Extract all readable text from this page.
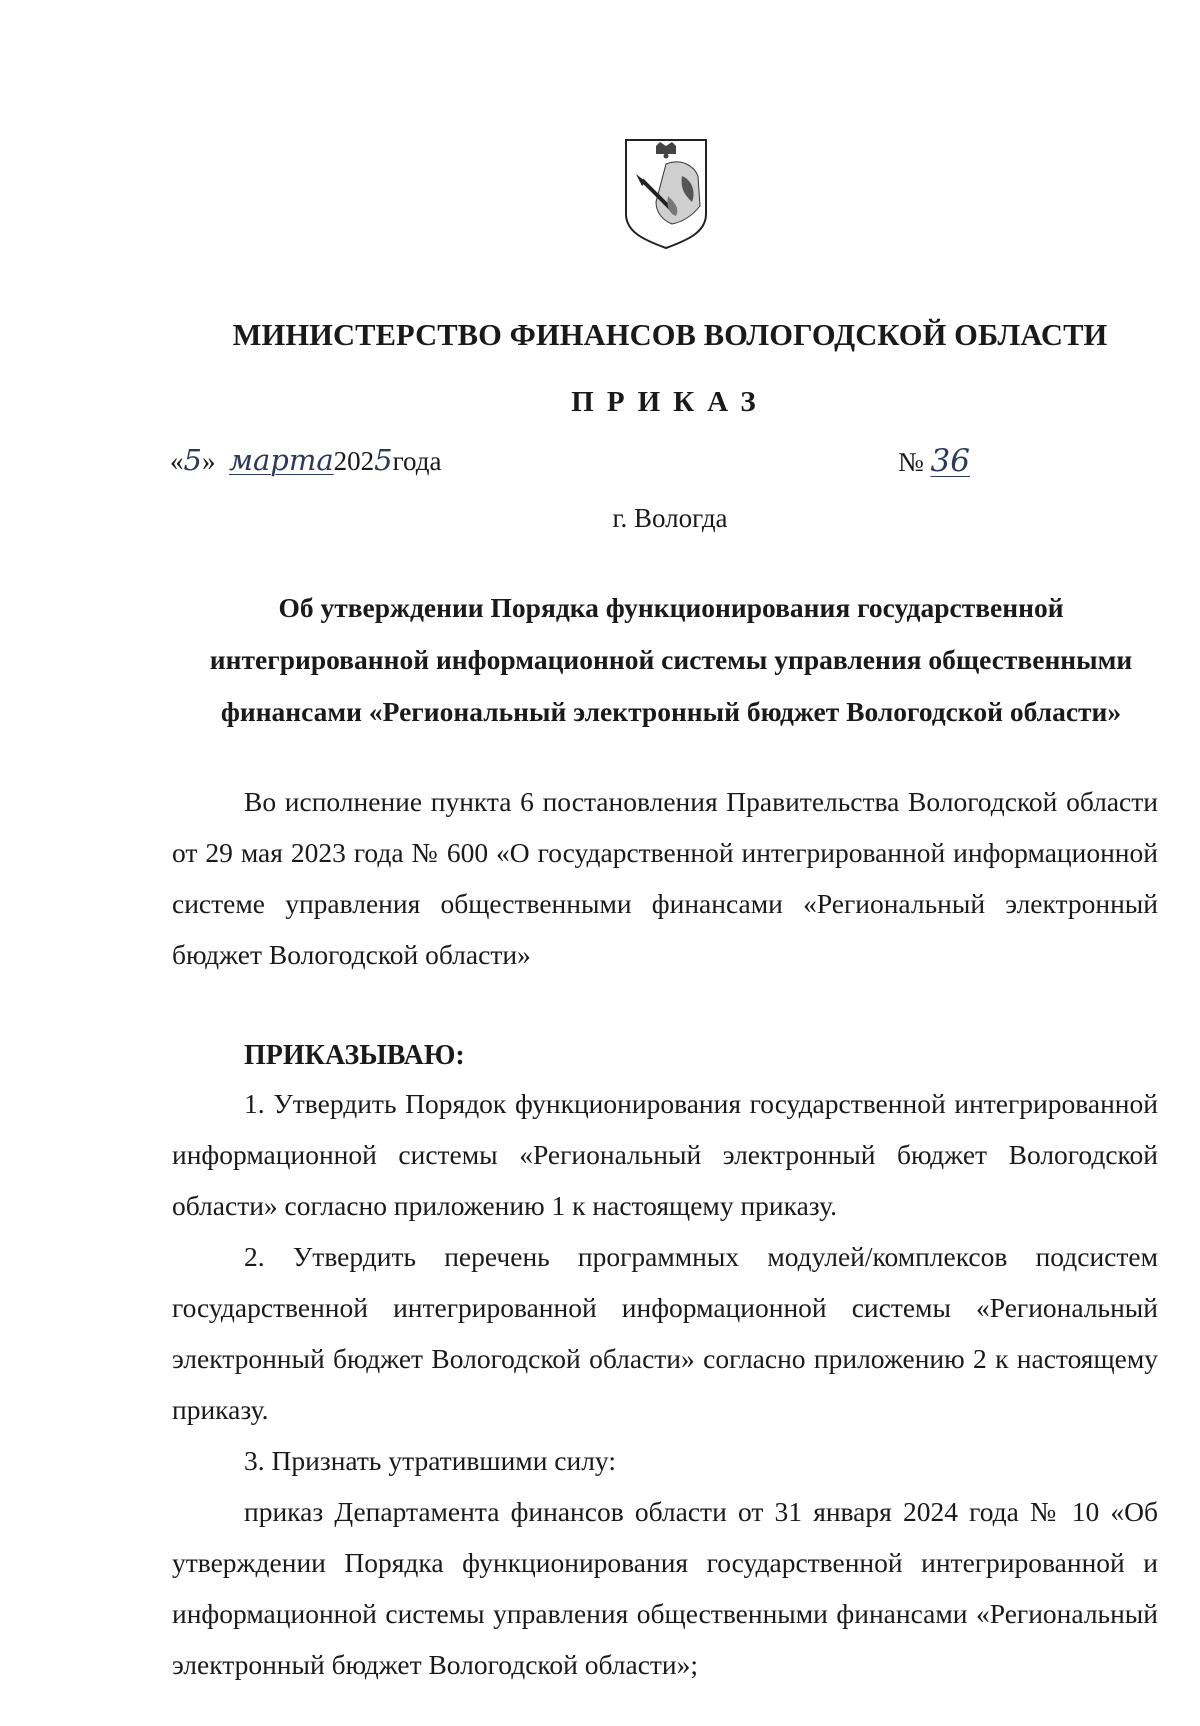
МИНИСТЕРСТВО ФИНАНСОВ ВОЛОГОДСКОЙ ОБЛАСТИ
ПРИКАЗ
«5» марта2025года	№ 36
г. Вологда
Об утверждении Порядка функционирования государственной интегрированной информационной системы управления общественными финансами «Региональный электронный бюджет Вологодской области»

Во исполнение пункта 6 постановления Правительства Вологодской области от 29 мая 2023 года № 600 «О государственной интегрированной информационной системе управления общественными финансами «Региональный электронный бюджет Вологодской области»

ПРИКАЗЫВАЮ:

1. Утвердить Порядок функционирования государственной интегрированной информационной системы «Региональный электронный бюджет Вологодской области» согласно приложению 1 к настоящему приказу.

2. Утвердить перечень программных модулей/комплексов подсистем государственной интегрированной информационной системы «Региональный электронный бюджет Вологодской области» согласно приложению 2 к настоящему приказу.

3. Признать утратившими силу:

приказ Департамента финансов области от 31 января 2024 года № 10 «Об утверждении Порядка функционирования государственной интегрированной и информационной системы управления общественными финансами «Региональный электронный бюджет Вологодской области»;
